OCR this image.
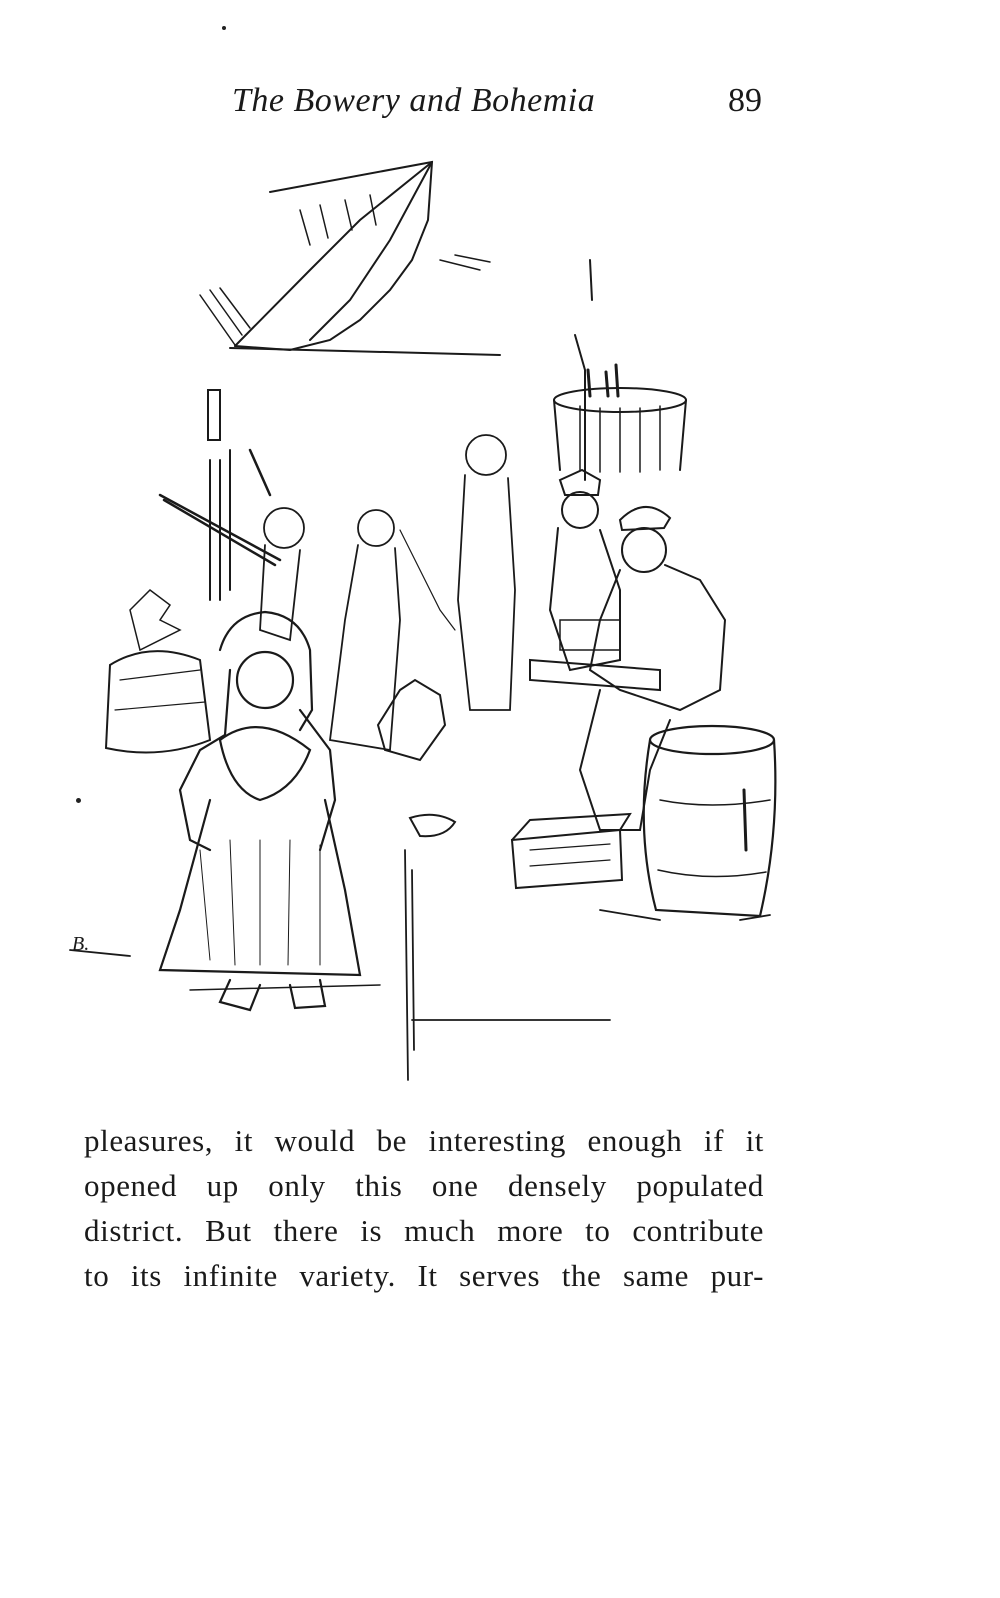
The Bowery and Bohemia	89
B.
pleasures, it would be interesting enough if it
opened up only this one densely populated
district. But there is much more to contribute
to its infinite variety. It serves the same pur-
